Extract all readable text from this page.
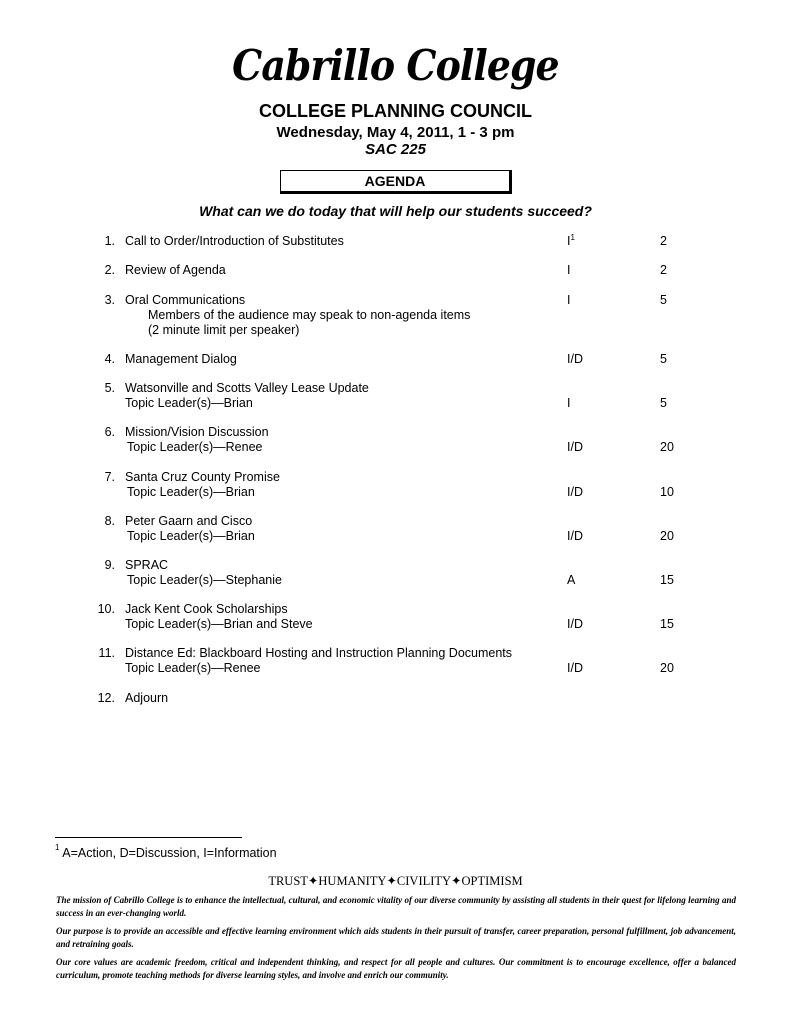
Cabrillo College
COLLEGE PLANNING COUNCIL
Wednesday, May 4, 2011, 1 - 3 pm
SAC 225
AGENDA
What can we do today that will help our students succeed?
1. Call to Order/Introduction of Substitutes	$I^1$	2
2. Review of Agenda	I	2
3. Oral Communications
Members of the audience may speak to non-agenda items
(2 minute limit per speaker)
I	5
4. Management Dialog	I/D	5
5. Watsonville and Scotts Valley Lease Update
Topic Leader(s)—Brian	I	5
6. Mission/Vision Discussion
Topic Leader(s)—Renee	I/D	20
7. Santa Cruz County Promise
Topic Leader(s)—Brian	I/D	10
8. Peter Gaarn and Cisco
Topic Leader(s)—Brian	I/D	20
9. SPRAC
Topic Leader(s)—Stephanie	A	15
10. Jack Kent Cook Scholarships
Topic Leader(s)—Brian and Steve	I/D	15
11. Distance Ed: Blackboard Hosting and Instruction Planning Documents
Topic Leader(s)—Renee	I/D	20
12. Adjourn
$^1$ A=Action, D=Discussion, I=Information
TRUST✦HUMANITY✦CIVILITY✦OPTIMISM
The mission of Cabrillo College is to enhance the intellectual, cultural, and economic vitality of our diverse community by assisting all students in their quest for lifelong learning and success in an ever-changing world.
Our purpose is to provide an accessible and effective learning environment which aids students in their pursuit of transfer, career preparation, personal fulfillment, job advancement, and retraining goals.
Our core values are academic freedom, critical and independent thinking, and respect for all people and cultures. Our commitment is to encourage excellence, offer a balanced curriculum, promote teaching methods for diverse learning styles, and involve and enrich our community.
